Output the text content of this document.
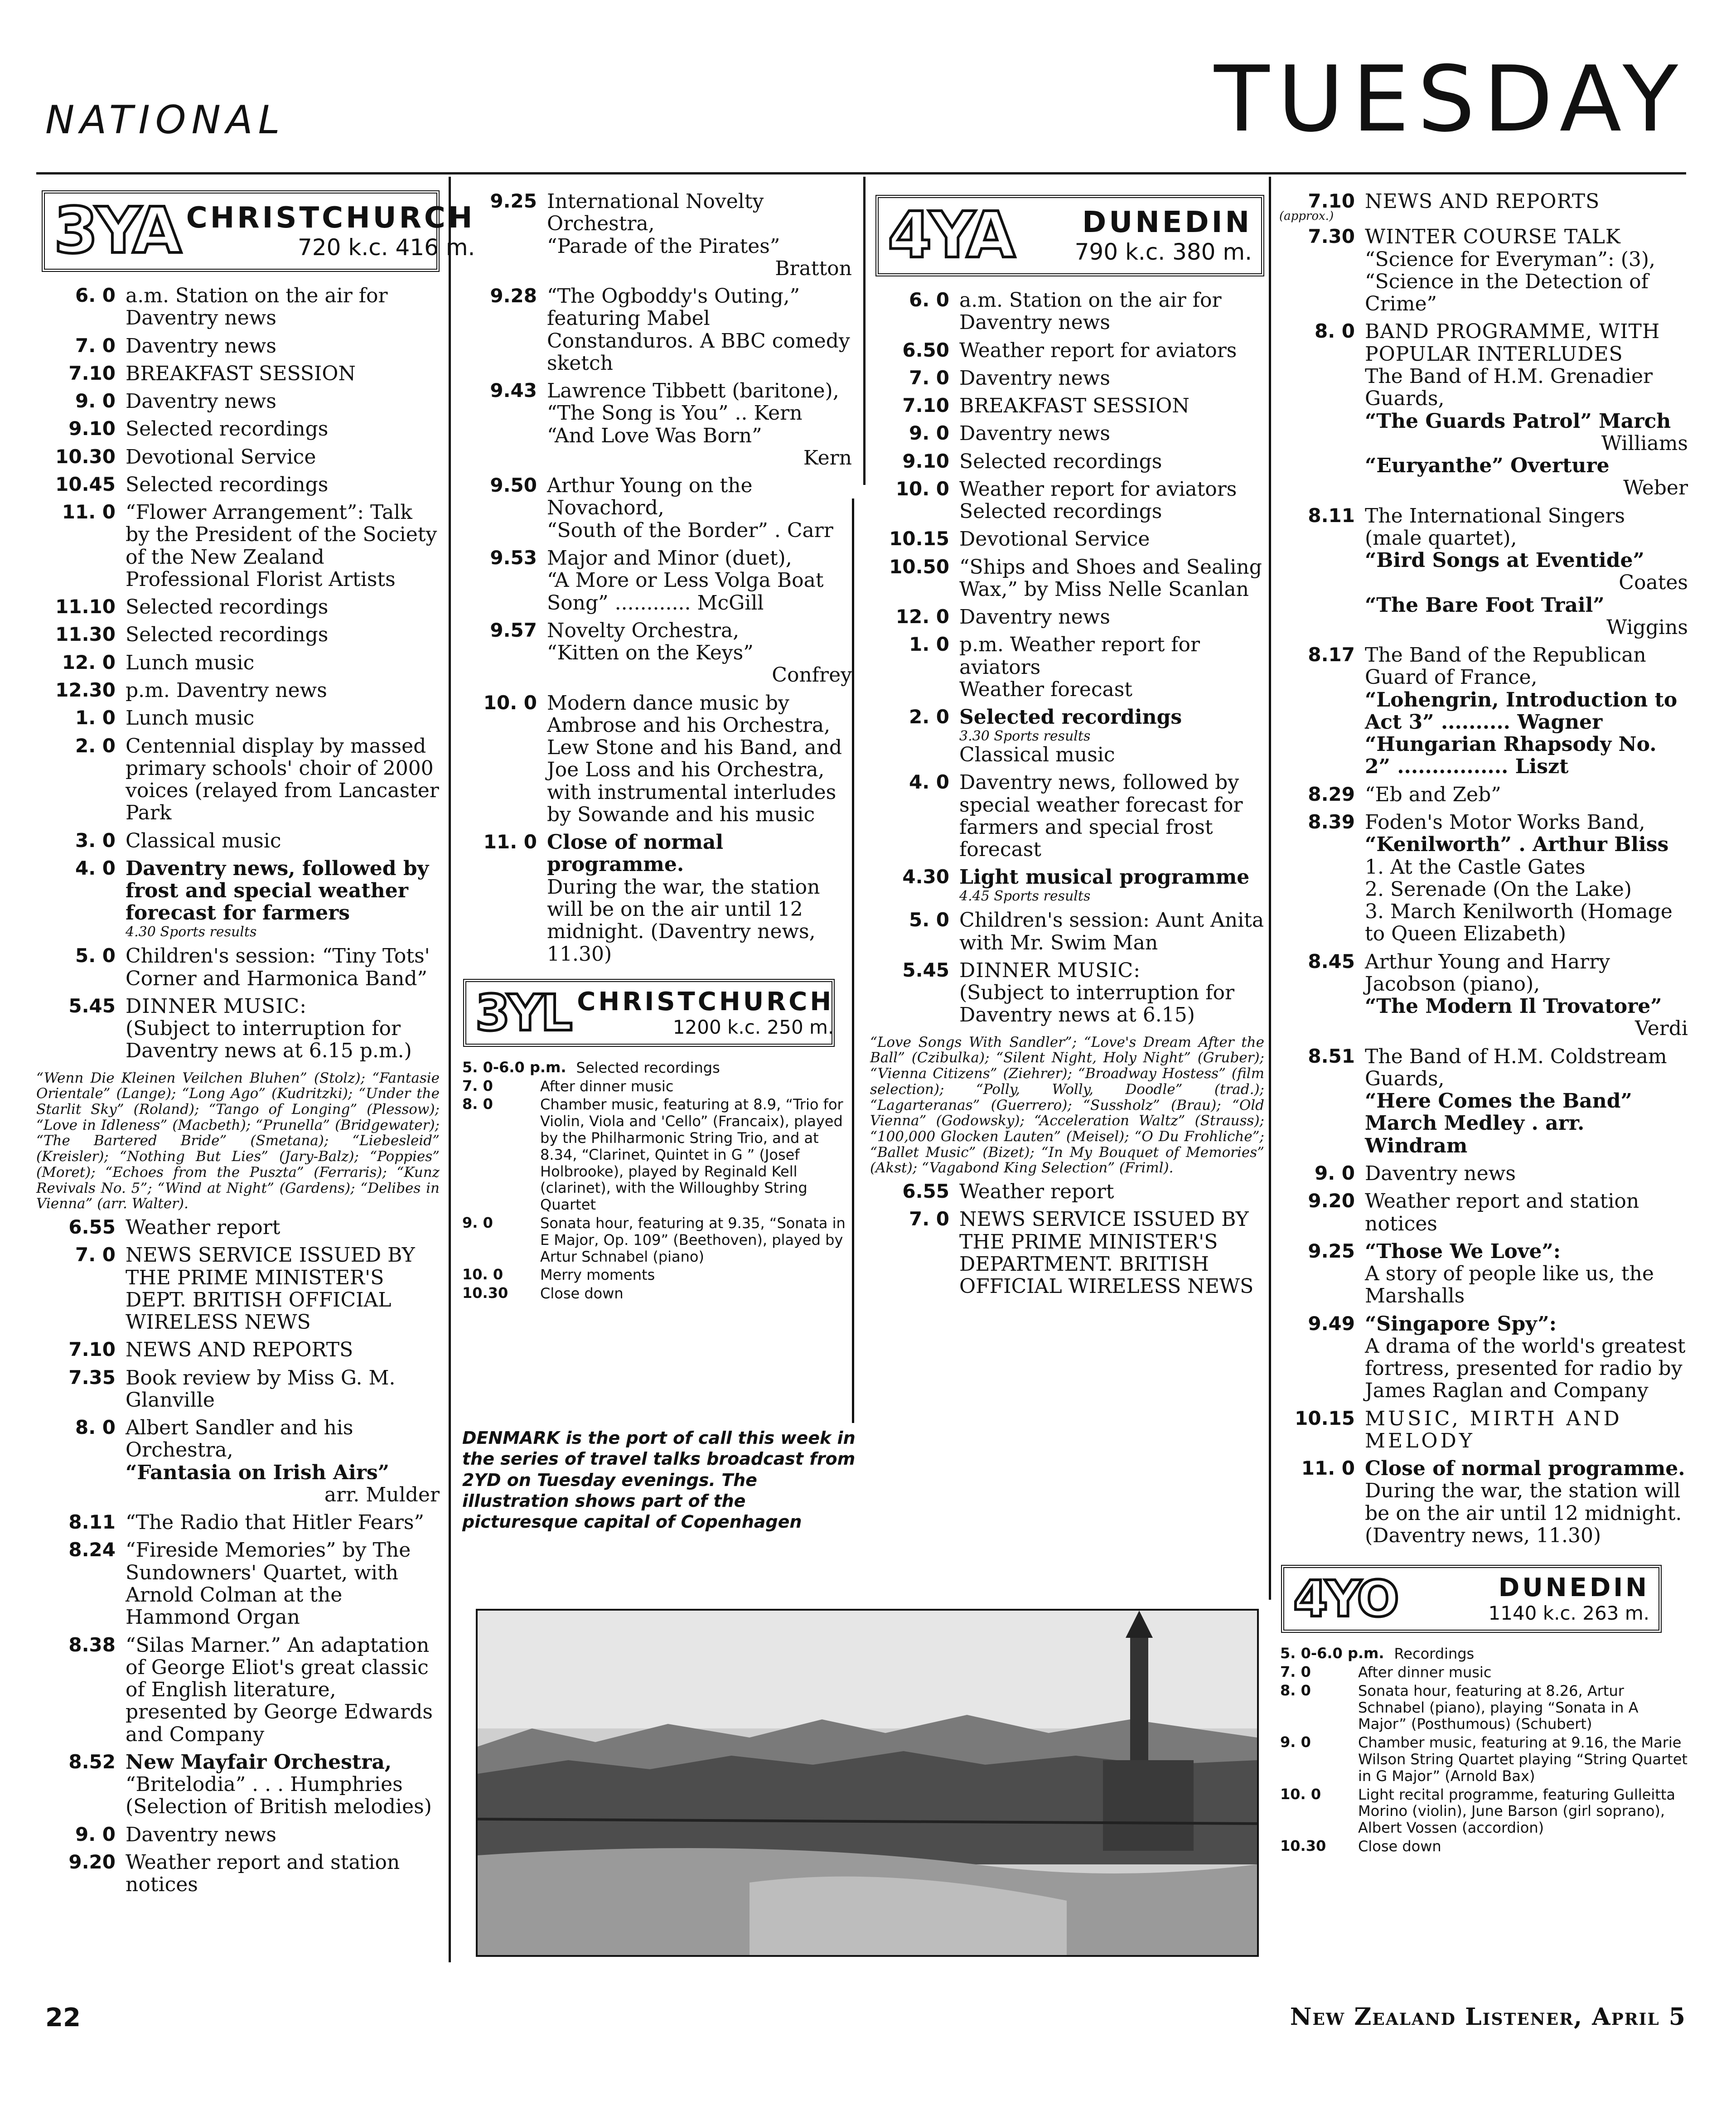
NATIONAL	TUESDAY
3YA CHRISTCHURCH
720 k.c. 416 m.
6. 0 a.m. Station on the air for Daventry news
7. 0 Daventry news
7.10 BREAKFAST SESSION
9. 0 Daventry news
9.10 Selected recordings
10.30 Devotional Service
10.45 Selected recordings
11. 0 “Flower Arrangement”: Talk by the President of the Society of the New Zealand Professional Florist Artists
11.10 Selected recordings
11.30 Selected recordings
12. 0 Lunch music
12.30 p.m. Daventry news
1. 0 Lunch music
2. 0 Centennial display by massed primary schools' choir of 2000 voices (relayed from Lancaster Park
3. 0 Classical music
4. 0 Daventry news, followed by frost and special weather forecast for farmers
4.30 Sports results
5. 0 Children's session: “Tiny Tots' Corner and Harmonica Band”
5.45 DINNER MUSIC:
(Subject to interruption for Daventry news at 6.15 p.m.)
“Wenn Die Kleinen Veilchen Bluhen” (Stolz); “Fantasie Orientale” (Lange); “Long Ago” (Kudritzki); “Under the Starlit Sky” (Roland); “Tango of Longing” (Plessow); “Love in Idleness” (Macbeth); “Prunella” (Bridgewater); “The Bartered Bride” (Smetana); “Liebesleid” (Kreisler); “Nothing But Lies” (Jary-Balz); “Poppies” (Moret); “Echoes from the Puszta” (Ferraris); “Kunz Revivals No. 5”; “Wind at Night” (Gardens); “Delibes in Vienna” (arr. Walter).
6.55 Weather report
7. 0 NEWS SERVICE ISSUED BY THE PRIME MINISTER'S DEPT. BRITISH OFFICIAL WIRELESS NEWS
7.10 NEWS AND REPORTS
7.35 Book review by Miss G. M. Glanville
8. 0 Albert Sandler and his Orchestra,
“Fantasia on Irish Airs”
arr. Mulder
8.11 “The Radio that Hitler Fears”
8.24 “Fireside Memories” by The Sundowners' Quartet, with Arnold Colman at the Hammond Organ
8.38 “Silas Marner.” An adaptation of George Eliot's great classic of English literature, presented by George Edwards and Company
8.52 New Mayfair Orchestra,
“Britelodia” . . . Humphries (Selection of British melodies)
9. 0 Daventry news
9.20 Weather report and station notices
9.25 International Novelty Orchestra,
“Parade of the Pirates”
Bratton
9.28 “The Ogboddy's Outing,” featuring Mabel Constanduros. A BBC comedy sketch
9.43 Lawrence Tibbett (baritone),
“The Song is You” .. Kern
“And Love Was Born”
Kern
9.50 Arthur Young on the Novachord,
“South of the Border” . Carr
9.53 Major and Minor (duet),
“A More or Less Volga Boat Song” ............ McGill
9.57 Novelty Orchestra,
“Kitten on the Keys”
Confrey
10. 0 Modern dance music by Ambrose and his Orchestra, Lew Stone and his Band, and Joe Loss and his Orchestra, with instrumental interludes by Sowande and his music
11. 0 Close of normal programme.
During the war, the station will be on the air until 12 midnight. (Daventry news, 11.30)
3YL CHRISTCHURCH
1200 k.c. 250 m.
5. 0-6.0 p.m. Selected recordings
7. 0	After dinner music
8. 0	Chamber music, featuring at 8.9, “Trio for Violin, Viola and 'Cello” (Francaix), played by the Philharmonic String Trio, and at 8.34, “Clarinet, Quintet in G ” (Josef Holbrooke), played by Reginald Kell (clarinet), with the Willoughby String Quartet
9. 0	Sonata hour, featuring at 9.35, “Sonata in E Major, Op. 109” (Beethoven), played by Artur Schnabel (piano)
10. 0	Merry moments
10.30	Close down
4YA	DUNEDIN
790 k.c. 380 m.
6. 0 a.m. Station on the air for Daventry news
6.50 Weather report for aviators
7. 0 Daventry news
7.10 BREAKFAST SESSION
9. 0 Daventry news
9.10 Selected recordings
10. 0 Weather report for aviators
Selected recordings
10.15 Devotional Service
10.50 “Ships and Shoes and Sealing Wax,” by Miss Nelle Scanlan
12. 0 Daventry news
1. 0 p.m. Weather report for aviators
Weather forecast
2. 0 Selected recordings
3.30 Sports results
Classical music
4. 0 Daventry news, followed by special weather forecast for farmers and special frost forecast
4.30 Light musical programme
4.45 Sports results
5. 0 Children's session: Aunt Anita with Mr. Swim Man
5.45 DINNER MUSIC:
(Subject to interruption for Daventry news at 6.15)
“Love Songs With Sandler”; “Love's Dream After the Ball” (Czibulka); “Silent Night, Holy Night” (Gruber); “Vienna Citizens” (Ziehrer); “Broadway Hostess” (film selection); “Polly, Wolly, Doodle” (trad.); “Lagarteranas” (Guerrero); “Sussholz” (Brau); “Old Vienna” (Godowsky); “Acceleration Waltz” (Strauss); “100,000 Glocken Lauten” (Meisel); “O Du Frohliche”; “Ballet Music” (Bizet); “In My Bouquet of Memories” (Akst); “Vagabond King Selection” (Friml).
6.55 Weather report
7. 0 NEWS SERVICE ISSUED BY THE PRIME MINISTER'S DEPARTMENT. BRITISH OFFICIAL WIRELESS NEWS
DENMARK is the port of call this week in the series of travel talks broadcast from 2YD on Tuesday evenings. The illustration shows part of the picturesque capital of Copenhagen
7.10 NEWS AND REPORTS
(approx.)
7.30 WINTER COURSE TALK
“Science for Everyman”: (3), “Science in the Detection of Crime”
8. 0 BAND PROGRAMME, WITH POPULAR INTERLUDES
The Band of H.M. Grenadier Guards,
“The Guards Patrol” March
Williams
“Euryanthe” Overture
Weber
8.11 The International Singers (male quartet),
“Bird Songs at Eventide”
Coates
“The Bare Foot Trail”
Wiggins
8.17 The Band of the Republican Guard of France,
“Lohengrin, Introduction to Act 3” .......... Wagner
“Hungarian Rhapsody No. 2” ................ Liszt
8.29 “Eb and Zeb”
8.39 Foden's Motor Works Band,
“Kenilworth” . Arthur Bliss
1. At the Castle Gates
2. Serenade (On the Lake)
3. March Kenilworth (Homage to Queen Elizabeth)
8.45 Arthur Young and Harry Jacobson (piano),
“The Modern Il Trovatore”
Verdi
8.51 The Band of H.M. Coldstream Guards,
“Here Comes the Band” March Medley . arr. Windram
9. 0 Daventry news
9.20 Weather report and station notices
9.25 “Those We Love”:
A story of people like us, the Marshalls
9.49 “Singapore Spy”:
A drama of the world's greatest fortress, presented for radio by James Raglan and Company
10.15 MUSIC, MIRTH AND MELODY
11. 0 Close of normal programme.
During the war, the station will be on the air until 12 midnight. (Daventry news, 11.30)
4YO	DUNEDIN
1140 k.c. 263 m.
5. 0-6.0 p.m. Recordings
7. 0	After dinner music
8. 0	Sonata hour, featuring at 8.26, Artur Schnabel (piano), playing “Sonata in A Major” (Posthumous) (Schubert)
9. 0	Chamber music, featuring at 9.16, the Marie Wilson String Quartet playing “String Quartet in G Major” (Arnold Bax)
10. 0	Light recital programme, featuring Gulleitta Morino (violin), June Barson (girl soprano), Albert Vossen (accordion)
10.30	Close down
22	New Zealand Listener, April 5
